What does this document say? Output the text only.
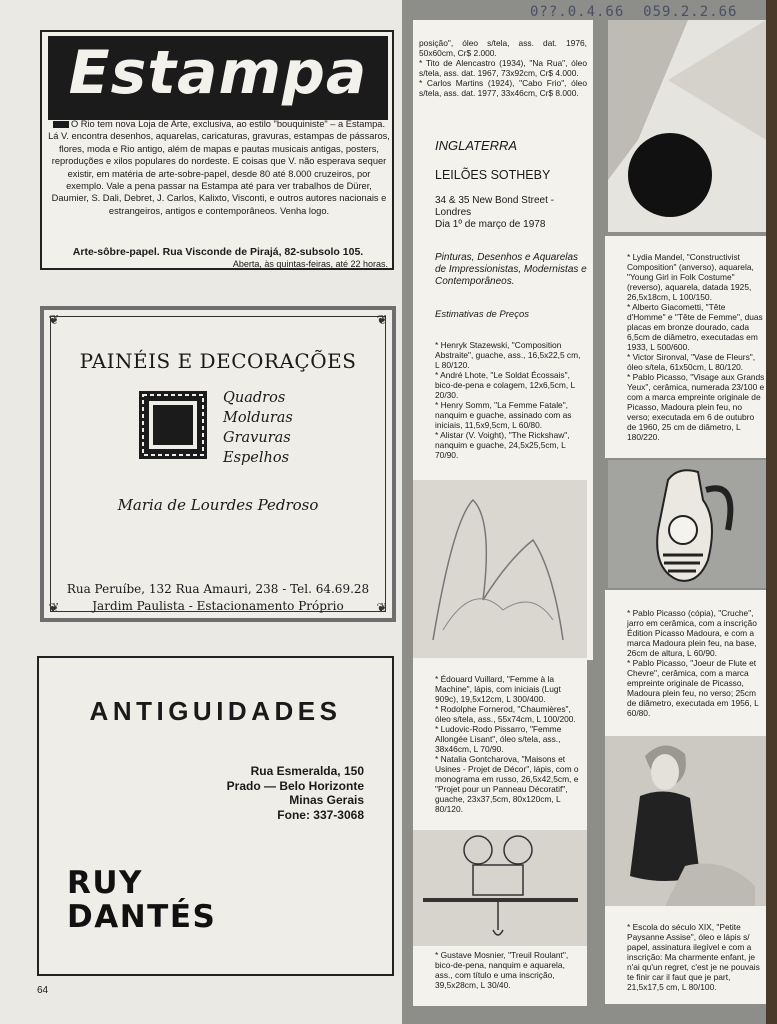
0??.0.4.66  059.2.2.66
Estampa
O Rio tem nova Loja de Arte, exclusiva, ao estilo "bouquiniste" – a Estampa. Lá V. encontra desenhos, aquarelas, caricaturas, gravuras, estampas de pássaros, flores, moda e Rio antigo, além de mapas e pautas musicais antigas, posters, reproduções e xilos populares do nordeste. E coisas que V. não esperava sequer existir, em matéria de arte-sobre-papel, desde 80 até 8.000 cruzeiros, por exemplo. Vale a pena passar na Estampa até para ver trabalhos de Dürer, Daumier, S. Dali, Debret, J. Carlos, Kalixto, Visconti, e outros autores nacionais e estrangeiros, antigos e contemporâneos. Venha logo.
Arte-sôbre-papel. Rua Visconde de Pirajá, 82-subsolo 105.
Aberta, às quintas-feiras, até 22 horas.
❦	❦
❦	❦
PAINÉIS E DECORAÇÕES
Quadros
Molduras
Gravuras
Espelhos
Maria de Lourdes Pedroso
Rua Peruíbe, 132 Rua Amauri, 238 - Tel. 64.69.28
Jardim Paulista - Estacionamento Próprio
ANTIGUIDADES
Rua Esmeralda, 150
Prado — Belo Horizonte
Minas Gerais
Fone: 337-3068
RUY
DANTÉS
64
posição", óleo s/tela, ass. dat. 1976, 50x60cm, Cr$ 2.000.
* Tito de Alencastro (1934), "Na Rua", óleo s/tela, ass. dat. 1967, 73x92cm, Cr$ 4.000.
* Carlos Martins (1924), "Cabo Frio", óleo s/tela, ass. dat. 1977, 33x46cm, Cr$ 8.000.
INGLATERRA
LEILÕES SOTHEBY
34 & 35 New Bond Street - Londres
Dia 1º de março de 1978
Pinturas, Desenhos e Aquarelas de Impressionistas, Modernistas e Contemporâneos.
Estimativas de Preços
* Henryk Stazewski, "Composition Abstraite", guache, ass., 16,5x22,5 cm, L 80/120.
* André Lhote, "Le Soldat Écossais", bico-de-pena e colagem, 12x6,5cm, L 20/30.
* Henry Somm, "La Femme Fatale", nanquim e guache, assinado com as iniciais, 11,5x9,5cm, L 60/80.
* Alistar (V. Voight), "The Rickshaw", nanquim e guache, 24,5x25,5cm, L 70/90.
* Édouard Vuillard, "Femme à la Machine", lápis, com iniciais (Lugt 909c), 19,5x12cm, L 300/400.
* Rodolphe Fornerod, "Chaumières", óleo s/tela, ass., 55x74cm, L 100/200.
* Ludovic-Rodo Pissarro, "Femme Allongée Lisant", óleo s/tela, ass., 38x46cm, L 70/90.
* Natalia Gontcharova, "Maisons et Usines - Projet de Décor", lápis, com o monograma em russo, 26,5x42,5cm, e "Projet pour un Panneau Décoratif", guache, 23x37,5cm, 80x120cm, L 80/120.
* Gustave Mosnier, "Treuil Roulant", bico-de-pena, nanquim e aquarela, ass., com título e uma inscrição, 39,5x28cm, L 30/40.
* Lydia Mandel, "Constructivist Composition" (anverso), aquarela, "Young Girl in Folk Costume" (reverso), aquarela, datada 1925, 26,5x18cm, L 100/150.
* Alberto Giacometti, "Tête d'Homme" e "Tête de Femme", duas placas em bronze dourado, cada 6,5cm de diâmetro, executadas em 1933, L 500/600.
* Victor Sironval, "Vase de Fleurs", óleo s/tela, 61x50cm, L 80/120.
* Pablo Picasso, "Visage aux Grands Yeux", cerâmica, numerada 23/100 e com a marca empreinte originale de Picasso, Madoura plein feu, no verso; executada em 6 de outubro de 1960, 25 cm de diâmetro, L 180/220.
* Pablo Picasso (cópia), "Cruche", jarro em cerâmica, com a inscrição Édition Picasso Madoura, e com a marca Madoura plein feu, na base, 26cm de altura, L 60/90.
* Pablo Picasso, "Joeur de Flute et Chevre", cerâmica, com a marca empreinte originale de Picasso, Madoura plein feu, no verso; 25cm de diâmetro, executada em 1956, L 60/80.
* Escola do século XIX, "Petite Paysanne Assise", óleo e lápis s/ papel, assinatura ilegível e com a inscrição: Ma charmente enfant, je n'ai qu'un regret, c'est je ne pouvais te finir car il faut que je part, 21,5x17,5 cm, L 80/100.
